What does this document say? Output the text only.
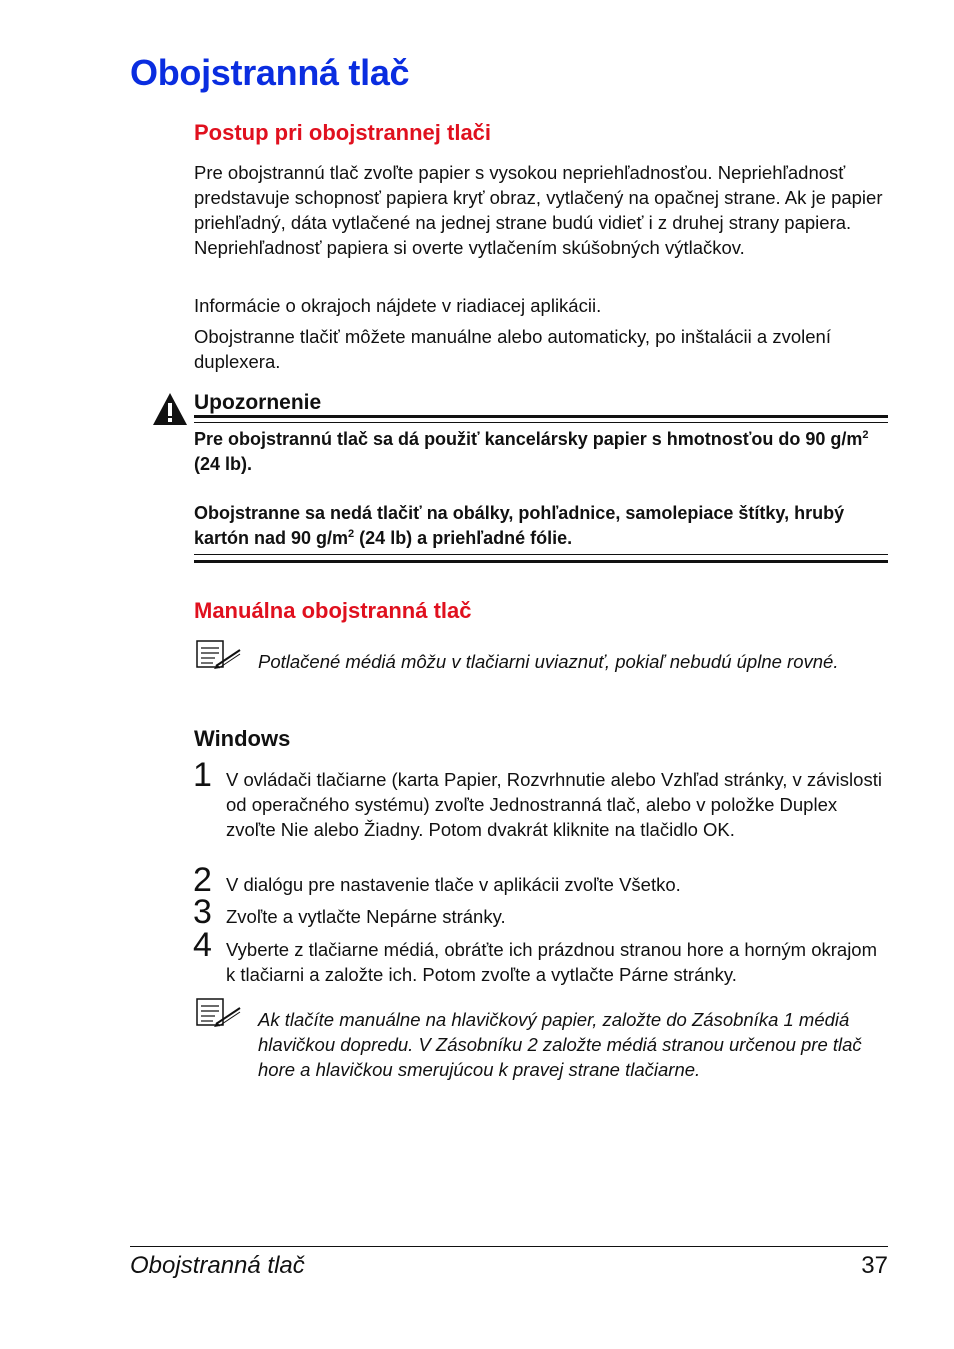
Obojstranná tlač
Postup pri obojstrannej tlači

Pre obojstrannú tlač zvoľte papier s vysokou nepriehľadnosťou. Nepriehľadnosť predstavuje schopnosť papiera kryť obraz, vytlačený na opačnej strane. Ak je papier priehľadný, dáta vytlačené na jednej strane budú vidieť i z druhej strany papiera. Nepriehľadnosť papiera si overte vytlačením skúšobných výtlačkov.

Informácie o okrajoch nájdete v riadiacej aplikácii.

Obojstranne tlačiť môžete manuálne alebo automaticky, po inštalácii a zvolení duplexera.

Upozornenie

Pre obojstrannú tlač sa dá použiť kancelársky papier s hmotnosťou do 90 $g/m^2$ (24 lb).

Obojstranne sa nedá tlačiť na obálky, pohľadnice, samolepiace štítky, hrubý kartón nad 90 $g/m^2$ (24 lb) a priehľadné fólie.

Manuálna obojstranná tlač

Potlačené médiá môžu v tlačiarni uviaznuť, pokiaľ nebudú úplne rovné.

Windows
1 V ovládači tlačiarne (karta Papier, Rozvrhnutie alebo Vzhľad stránky, v závislosti od operačného systému) zvoľte Jednostranná tlač, alebo v položke Duplex zvoľte Nie alebo Žiadny. Potom dvakrát kliknite na tlačidlo OK.

2 V dialógu pre nastavenie tlače v aplikácii zvoľte Všetko.

3 Zvoľte a vytlačte Nepárne stránky.

4 Vyberte z tlačiarne médiá, obráťte ich prázdnou stranou hore a horným okrajom k tlačiarni a založte ich. Potom zvoľte a vytlačte Párne stránky.

Ak tlačíte manuálne na hlavičkový papier, založte do Zásobníka 1 médiá hlavičkou dopredu. V Zásobníku 2 založte médiá stranou určenou pre tlač hore a hlavičkou smerujúcou k pravej strane tlačiarne.

Obojstranná tlač	37
